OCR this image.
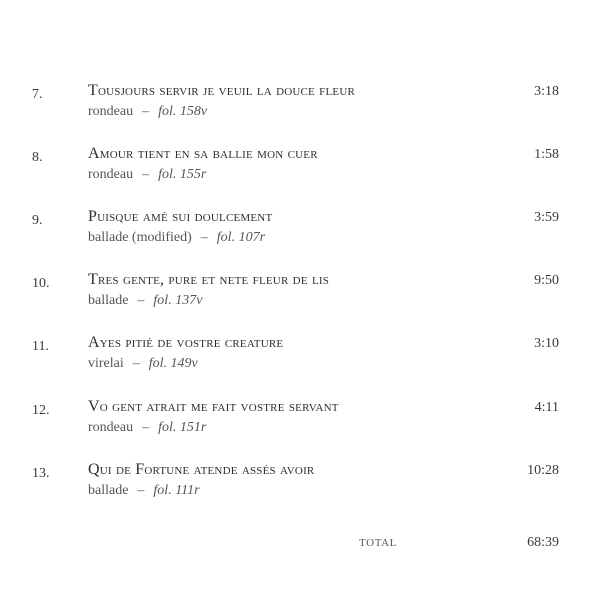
7.	Tousjours servir je veuil la douce fleur	3:18
rondeau – fol. 158v
8.	Amour tient en sa ballie mon cuer	1:58
rondeau – fol. 155r
9.	Puisque amé sui doulcement	3:59
ballade (modified) – fol. 107r
10. Tres gente, pure et nete fleur de lis	9:50
ballade – fol. 137v
11. Ayes pitié de vostre creature	3:10
virelai – fol. 149v
12. Vo gent atrait me fait vostre servant	4:11
rondeau – fol. 151r
13. Qui de Fortune atende assés avoir	10:28
ballade – fol. 111r
TOTAL	68:39
